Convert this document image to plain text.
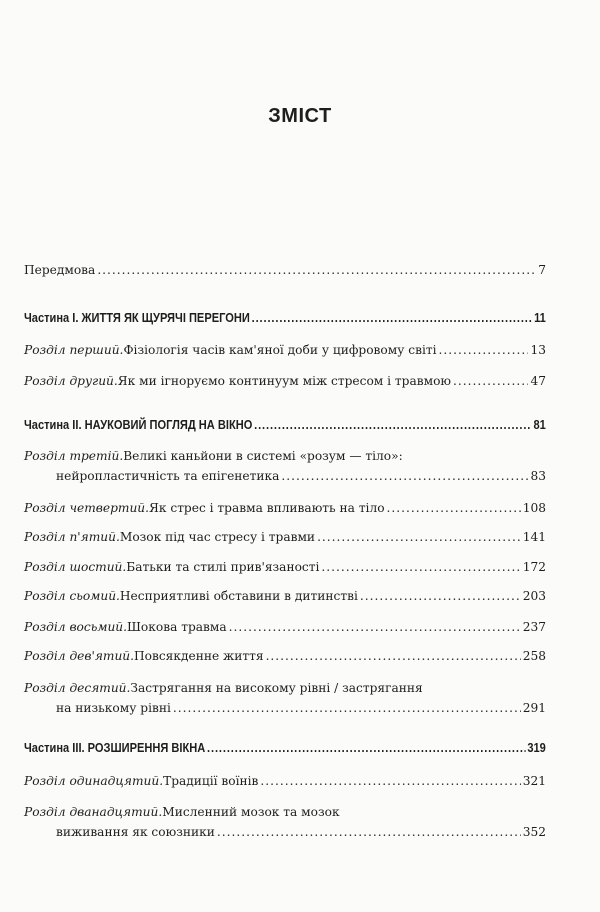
ЗМІСТ
Передмова .....	7
Частина I. ЖИТТЯ ЯК ЩУРЯЧІ ПЕРЕГОНИ .....	11
Розділ перший. Фізіологія часів кам'яної доби у цифровому світі .....	13
Розділ другий. Як ми ігноруємо континуум між стресом і травмою .....	47
Частина II. НАУКОВИЙ ПОГЛЯД НА ВІКНО .....	81
Розділ третій. Великі каньйони в системі «розум — тіло»:
нейропластичність та епігенетика .....	83
Розділ четвертий. Як стрес і травма впливають на тіло .....	108
Розділ п'ятий. Мозок під час стресу і травми .....	141
Розділ шостий. Батьки та стилі прив'язаності .....	172
Розділ сьомий. Несприятливі обставини в дитинстві .....	203
Розділ восьмий. Шокова травма .....	237
Розділ дев'ятий. Повсякденне життя .....	258
Розділ десятий. Застрягання на високому рівні / застрягання
на низькому рівні .....	291
Частина III. РОЗШИРЕННЯ ВІКНА .....	319
Розділ одинадцятий. Традиції воїнів .....	321
Розділ дванадцятий. Мисленний мозок та мозок
виживання як союзники .....	352
